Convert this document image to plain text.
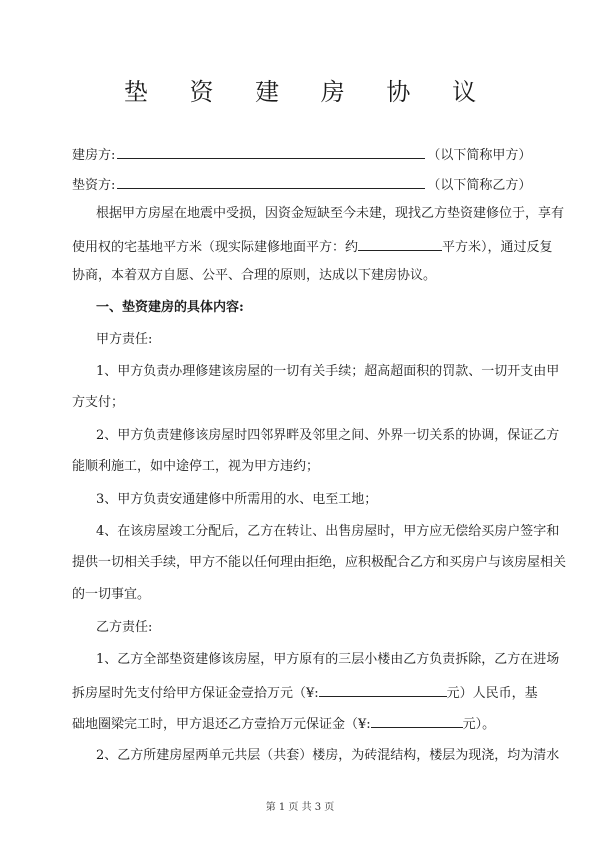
垫 资 建 房 协 议
建房方:	（以下简称甲方）
垫资方:	（以下简称乙方）
根据甲方房屋在地震中受损，因资金短缺至今未建，现找乙方垫资建修位于，享有
使用权的宅基地平方米（现实际建修地面平方：约	平方米），通过反复
协商，本着双方自愿、公平、合理的原则，达成以下建房协议。
一、垫资建房的具体内容:
甲方责任:
1、甲方负责办理修建该房屋的一切有关手续；超高超面积的罚款、一切开支由甲
方支付；
2、甲方负责建修该房屋时四邻界畔及邻里之间、外界一切关系的协调，保证乙方
能顺利施工，如中途停工，视为甲方违约；
3、甲方负责安通建修中所需用的水、电至工地；
4、在该房屋竣工分配后，乙方在转让、出售房屋时，甲方应无偿给买房户签字和
提供一切相关手续，甲方不能以任何理由拒绝，应积极配合乙方和买房户与该房屋相关
的一切事宜。
乙方责任:
1、乙方全部垫资建修该房屋，甲方原有的三层小楼由乙方负责拆除，乙方在进场
拆房屋时先支付给甲方保证金壹拾万元（¥:	元）人民币，基
础地圈梁完工时，甲方退还乙方壹拾万元保证金（¥:	元）。
2、乙方所建房屋两单元共层（共套）楼房，为砖混结构，楼层为现浇，均为清水
第 1 页 共 3 页
